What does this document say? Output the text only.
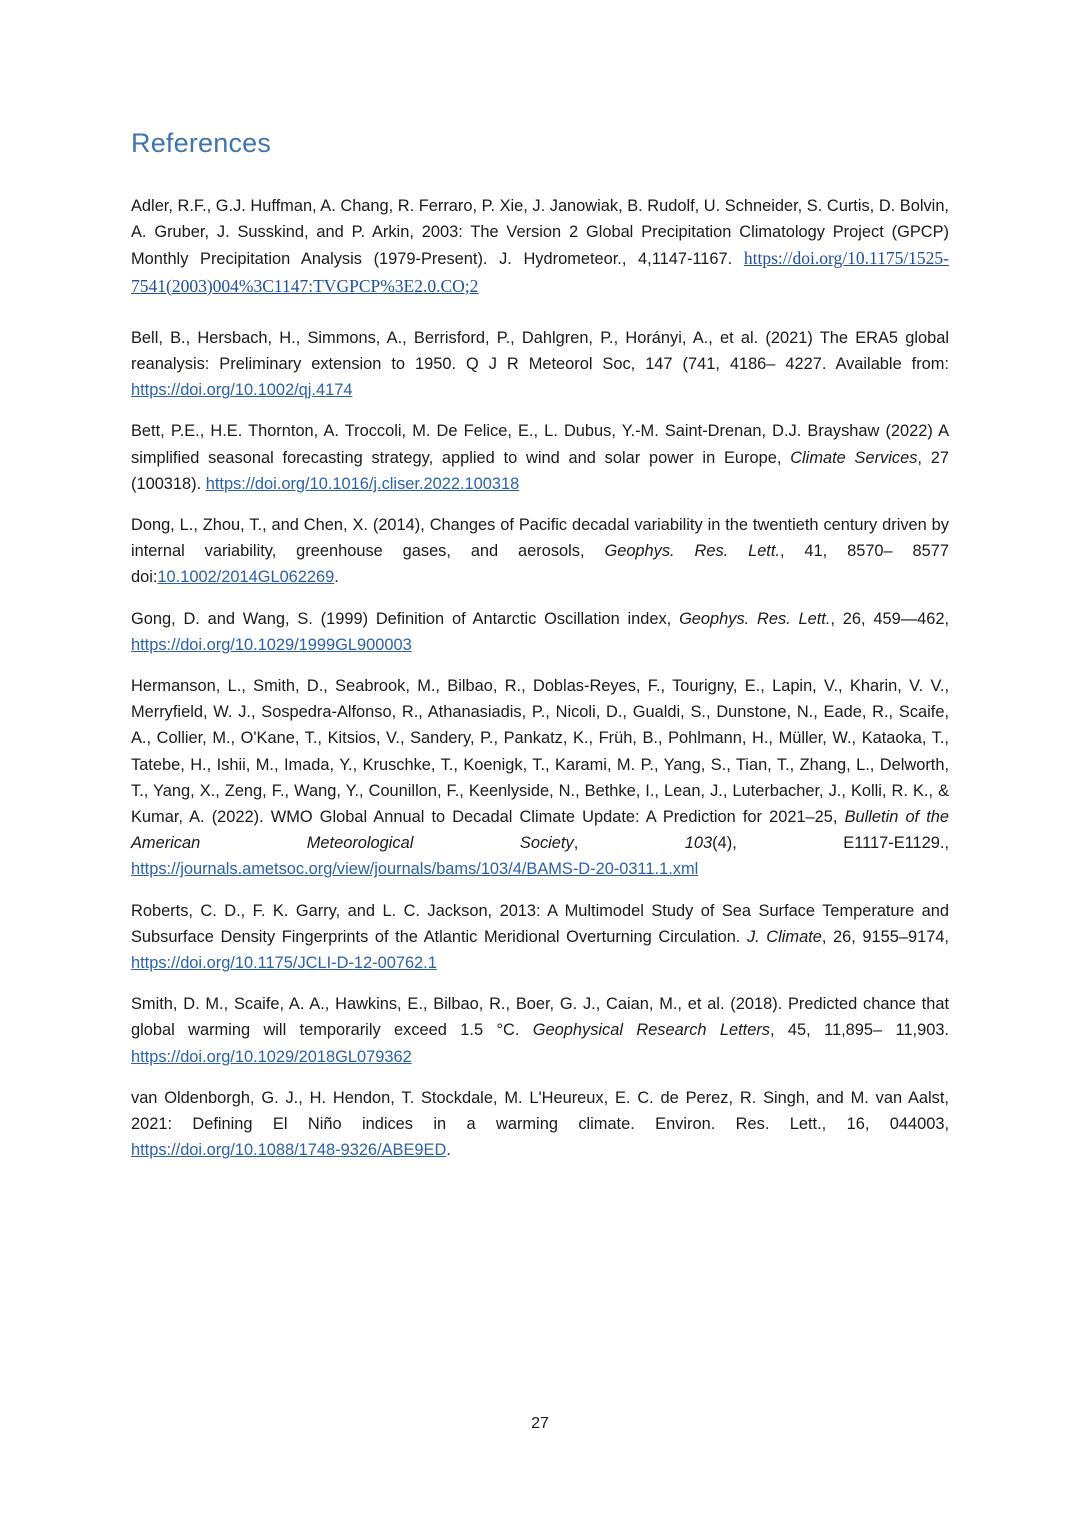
References
Adler, R.F., G.J. Huffman, A. Chang, R. Ferraro, P. Xie, J. Janowiak, B. Rudolf, U. Schneider, S. Curtis, D. Bolvin, A. Gruber, J. Susskind, and P. Arkin, 2003: The Version 2 Global Precipitation Climatology Project (GPCP) Monthly Precipitation Analysis (1979-Present). J. Hydrometeor., 4,1147-1167. https://doi.org/10.1175/1525-7541(2003)004%3C1147:TVGPCP%3E2.0.CO;2
Bell, B., Hersbach, H., Simmons, A., Berrisford, P., Dahlgren, P., Horányi, A., et al. (2021) The ERA5 global reanalysis: Preliminary extension to 1950. Q J R Meteorol Soc, 147 (741, 4186– 4227. Available from: https://doi.org/10.1002/qj.4174
Bett, P.E., H.E. Thornton, A. Troccoli, M. De Felice, E., L. Dubus, Y.-M. Saint-Drenan, D.J. Brayshaw (2022) A simplified seasonal forecasting strategy, applied to wind and solar power in Europe, Climate Services, 27 (100318). https://doi.org/10.1016/j.cliser.2022.100318
Dong, L., Zhou, T., and Chen, X. (2014), Changes of Pacific decadal variability in the twentieth century driven by internal variability, greenhouse gases, and aerosols, Geophys. Res. Lett., 41, 8570– 8577 doi:10.1002/2014GL062269.
Gong, D. and Wang, S. (1999) Definition of Antarctic Oscillation index, Geophys. Res. Lett., 26, 459—462, https://doi.org/10.1029/1999GL900003
Hermanson, L., Smith, D., Seabrook, M., Bilbao, R., Doblas-Reyes, F., Tourigny, E., Lapin, V., Kharin, V. V., Merryfield, W. J., Sospedra-Alfonso, R., Athanasiadis, P., Nicoli, D., Gualdi, S., Dunstone, N., Eade, R., Scaife, A., Collier, M., O'Kane, T., Kitsios, V., Sandery, P., Pankatz, K., Früh, B., Pohlmann, H., Müller, W., Kataoka, T., Tatebe, H., Ishii, M., Imada, Y., Kruschke, T., Koenigk, T., Karami, M. P., Yang, S., Tian, T., Zhang, L., Delworth, T., Yang, X., Zeng, F., Wang, Y., Counillon, F., Keenlyside, N., Bethke, I., Lean, J., Luterbacher, J., Kolli, R. K., & Kumar, A. (2022). WMO Global Annual to Decadal Climate Update: A Prediction for 2021–25, Bulletin of the American Meteorological Society, 103(4), E1117-E1129., https://journals.ametsoc.org/view/journals/bams/103/4/BAMS-D-20-0311.1.xml
Roberts, C. D., F. K. Garry, and L. C. Jackson, 2013: A Multimodel Study of Sea Surface Temperature and Subsurface Density Fingerprints of the Atlantic Meridional Overturning Circulation. J. Climate, 26, 9155–9174, https://doi.org/10.1175/JCLI-D-12-00762.1
Smith, D. M., Scaife, A. A., Hawkins, E., Bilbao, R., Boer, G. J., Caian, M., et al. (2018). Predicted chance that global warming will temporarily exceed 1.5 °C. Geophysical Research Letters, 45, 11,895– 11,903. https://doi.org/10.1029/2018GL079362
van Oldenborgh, G. J., H. Hendon, T. Stockdale, M. L'Heureux, E. C. de Perez, R. Singh, and M. van Aalst, 2021: Defining El Niño indices in a warming climate. Environ. Res. Lett., 16, 044003, https://doi.org/10.1088/1748-9326/ABE9ED.
27
